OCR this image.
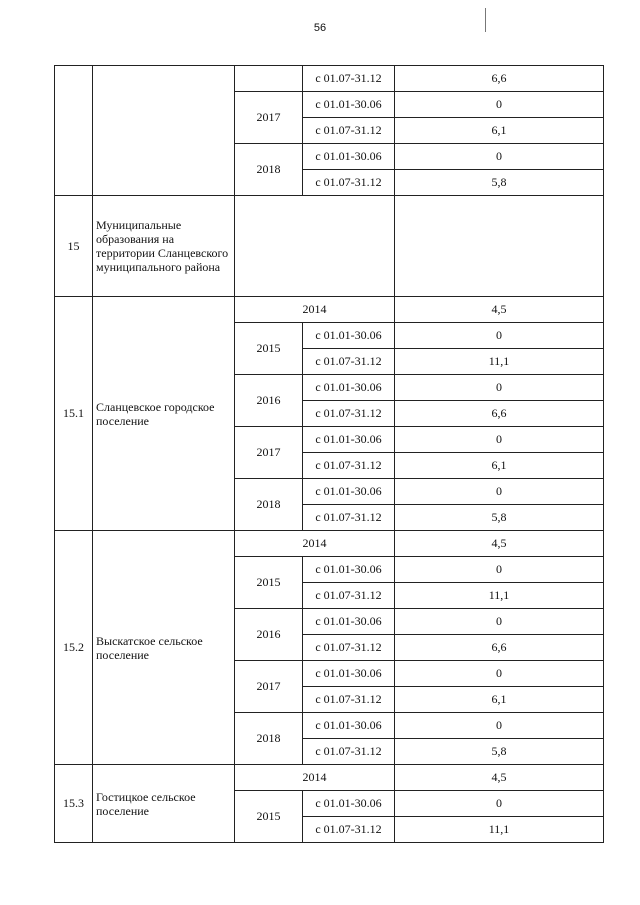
56
			с 01.07-31.12	6,6
		2017	с 01.01-30.06	0
			с 01.07-31.12	6,1
		2018	с 01.01-30.06	0
			с 01.07-31.12	5,8
15	Муниципальные образования на территории Сланцевского муниципального района			
15.1	Сланцевское городское поселение	2014		4,5
		2015	с 01.01-30.06	0
			с 01.07-31.12	11,1
		2016	с 01.01-30.06	0
			с 01.07-31.12	6,6
		2017	с 01.01-30.06	0
			с 01.07-31.12	6,1
		2018	с 01.01-30.06	0
			с 01.07-31.12	5,8
15.2	Выскатское сельское поселение	2014		4,5
		2015	с 01.01-30.06	0
			с 01.07-31.12	11,1
		2016	с 01.01-30.06	0
			с 01.07-31.12	6,6
		2017	с 01.01-30.06	0
			с 01.07-31.12	6,1
		2018	с 01.01-30.06	0
			с 01.07-31.12	5,8
15.3	Гостицкое сельское поселение	2014		4,5
		2015	с 01.01-30.06	0
			с 01.07-31.12	11,1
